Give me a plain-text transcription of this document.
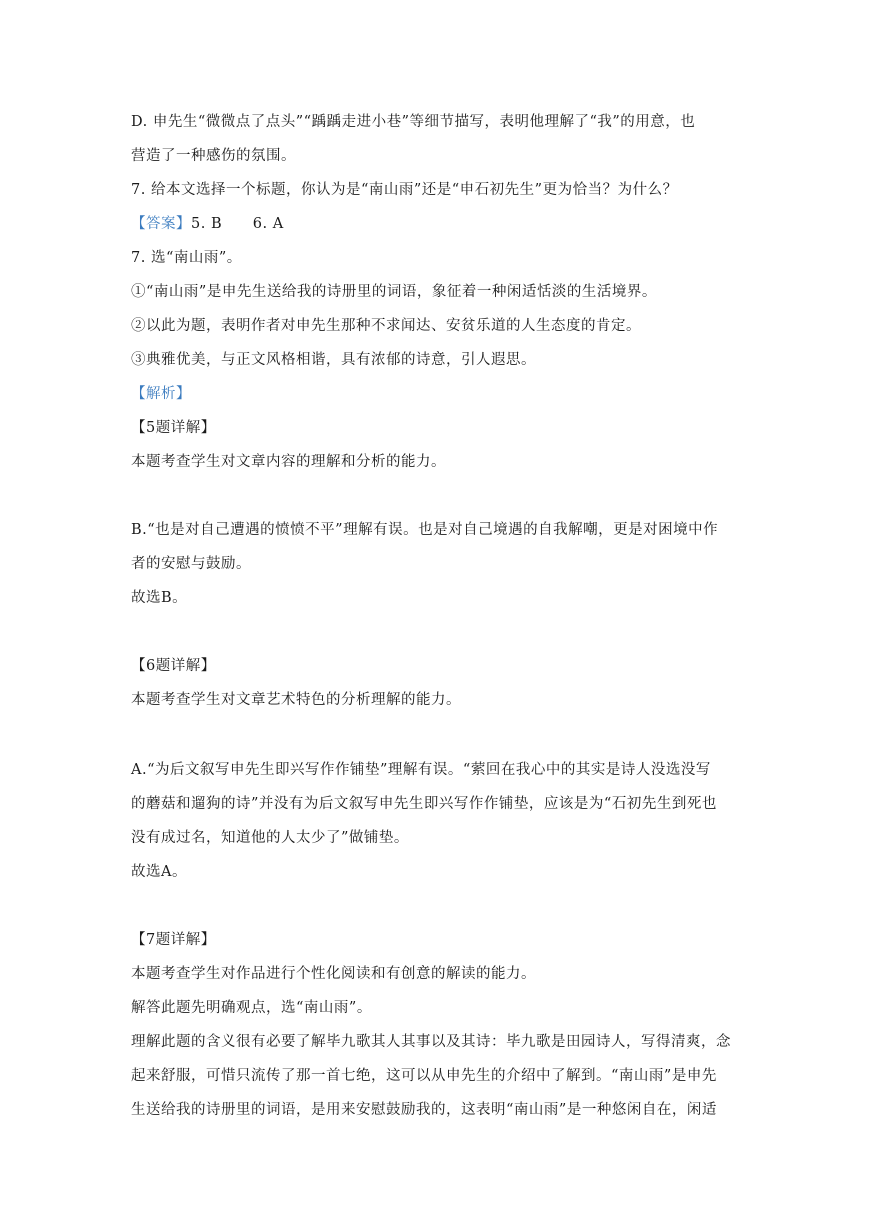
D. 申先生“微微点了点头”“踽踽走进小巷”等细节描写，表明他理解了“我”的用意，也
营造了一种感伤的氛围。
7. 给本文选择一个标题，你认为是“南山雨”还是“申石初先生”更为恰当？为什么？
【答案】5. B      6. A
7. 选“南山雨”。
①“南山雨”是申先生送给我的诗册里的词语，象征着一种闲适恬淡的生活境界。
②以此为题，表明作者对申先生那种不求闻达、安贫乐道的人生态度的肯定。
③典雅优美，与正文风格相谐，具有浓郁的诗意，引人遐思。
【解析】
【5题详解】
本题考查学生对文章内容的理解和分析的能力。
B.“也是对自己遭遇的愤愤不平”理解有误。也是对自己境遇的自我解嘲，更是对困境中作
者的安慰与鼓励。
故选B。
【6题详解】
本题考查学生对文章艺术特色的分析理解的能力。
A.“为后文叙写申先生即兴写作作铺垫”理解有误。“萦回在我心中的其实是诗人没选没写
的蘑菇和遛狗的诗”并没有为后文叙写申先生即兴写作作铺垫，应该是为“石初先生到死也
没有成过名，知道他的人太少了”做铺垫。
故选A。
【7题详解】
本题考查学生对作品进行个性化阅读和有创意的解读的能力。
解答此题先明确观点，选“南山雨”。
理解此题的含义很有必要了解毕九歌其人其事以及其诗：毕九歌是田园诗人，写得清爽，念
起来舒服，可惜只流传了那一首七绝，这可以从申先生的介绍中了解到。“南山雨”是申先
生送给我的诗册里的词语，是用来安慰鼓励我的，这表明“南山雨”是一种悠闲自在，闲适
